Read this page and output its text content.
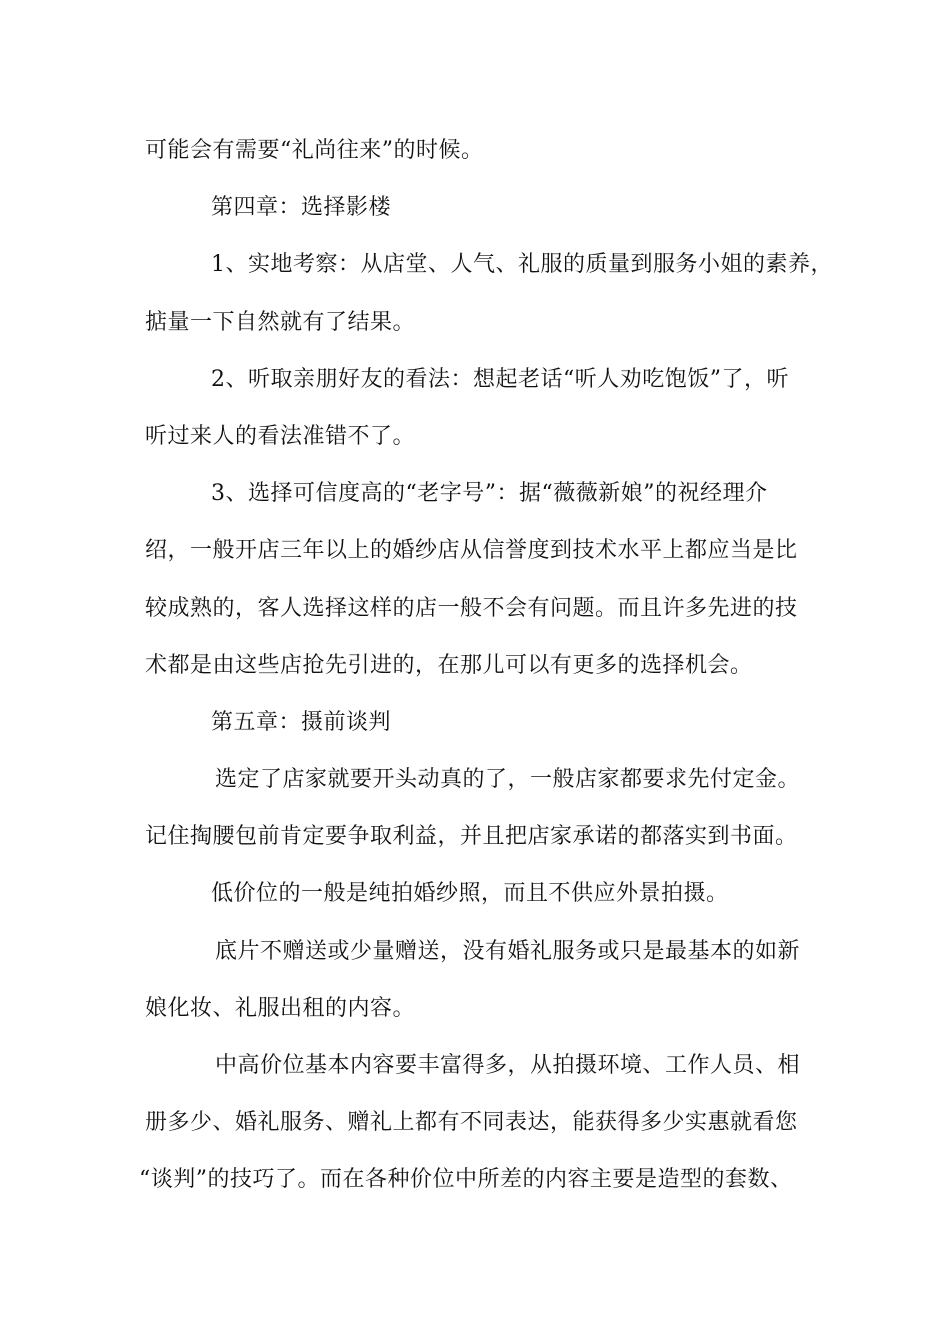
可能会有需要“礼尚往来”的时候。
第四章：选择影楼
1、实地考察：从店堂、人气、礼服的质量到服务小姐的素养，
掂量一下自然就有了结果。
2、听取亲朋好友的看法：想起老话“听人劝吃饱饭”了，听
听过来人的看法准错不了。
3、选择可信度高的“老字号”：据“薇薇新娘”的祝经理介
绍，一般开店三年以上的婚纱店从信誉度到技术水平上都应当是比
较成熟的，客人选择这样的店一般不会有问题。而且许多先进的技
术都是由这些店抢先引进的，在那儿可以有更多的选择机会。
第五章：摄前谈判
选定了店家就要开头动真的了，一般店家都要求先付定金。
记住掏腰包前肯定要争取利益，并且把店家承诺的都落实到书面。
低价位的一般是纯拍婚纱照，而且不供应外景拍摄。
底片不赠送或少量赠送，没有婚礼服务或只是最基本的如新
娘化妆、礼服出租的内容。
中高价位基本内容要丰富得多，从拍摄环境、工作人员、相
册多少、婚礼服务、赠礼上都有不同表达，能获得多少实惠就看您
“谈判”的技巧了。而在各种价位中所差的内容主要是造型的套数、
